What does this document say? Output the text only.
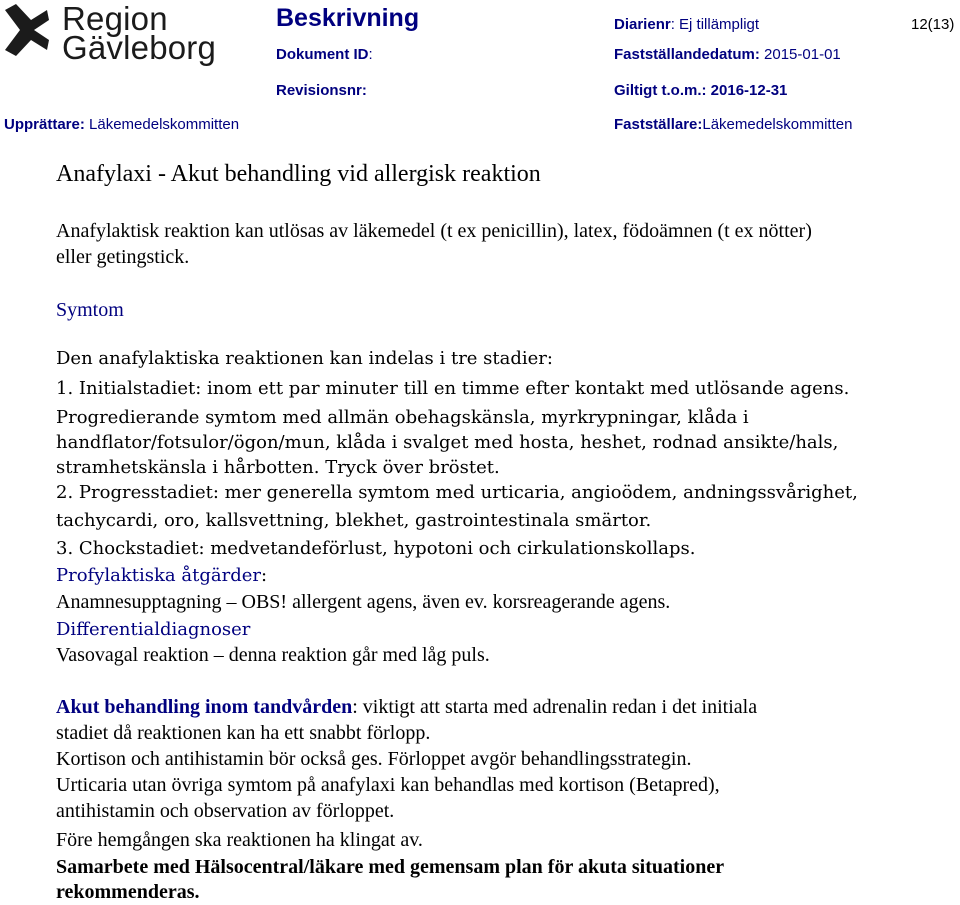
Region
Gävleborg
Beskrivning	Diarienr: Ej tillämpligt	12(13)
Dokument ID:	Fastställandedatum: 2015-01-01
Revisionsnr:	Giltigt t.o.m.: 2016-12-31
Upprättare: Läkemedelskommitten	Fastställare:Läkemedelskommitten
Anafylaxi - Akut behandling vid allergisk reaktion
Anafylaktisk reaktion kan utlösas av läkemedel (t ex penicillin), latex, födoämnen (t ex nötter)
eller getingstick.
Symtom
Den anafylaktiska reaktionen kan indelas i tre stadier:
1. Initialstadiet: inom ett par minuter till en timme efter kontakt med utlösande agens.
Progredierande symtom med allmän obehagskänsla, myrkrypningar, klåda i
handflator/fotsulor/ögon/mun, klåda i svalget med hosta, heshet, rodnad ansikte/hals,
stramhetskänsla i hårbotten. Tryck över bröstet.
2. Progresstadiet: mer generella symtom med urticaria, angioödem, andningssvårighet,
tachycardi, oro, kallsvettning, blekhet, gastrointestinala smärtor.
3. Chockstadiet: medvetandeförlust, hypotoni och cirkulationskollaps.
Profylaktiska åtgärder:
Anamnesupptagning – OBS! allergent agens, även ev. korsreagerande agens.
Differentialdiagnoser
Vasovagal reaktion – denna reaktion går med låg puls.
Akut behandling inom tandvården: viktigt att starta med adrenalin redan i det initiala
stadiet då reaktionen kan ha ett snabbt förlopp.
Kortison och antihistamin bör också ges. Förloppet avgör behandlingsstrategin.
Urticaria utan övriga symtom på anafylaxi kan behandlas med kortison (Betapred),
antihistamin och observation av förloppet.
Före hemgången ska reaktionen ha klingat av.
Samarbete med Hälsocentral/läkare med gemensam plan för akuta situationer
rekommenderas.
